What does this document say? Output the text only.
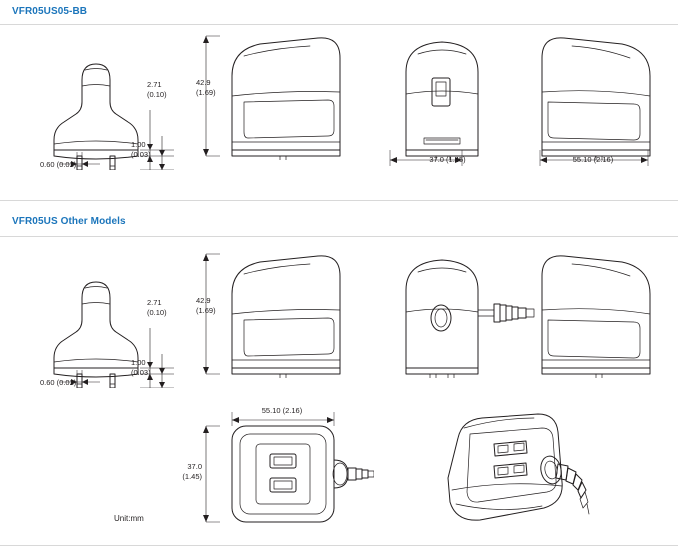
VFR05US05-BB
2.71
(0.10)
1.00
(0.03)
0.60 (0.02)
42.9
(1.69)
37.0 (1.45)	55.10 (2.16)
VFR05US Other Models
2.71
(0.10)
1.00
(0.03)
0.60 (0.02)
42.9
(1.69)
55.10 (2.16)
37.0
(1.45)
Unit:mm
